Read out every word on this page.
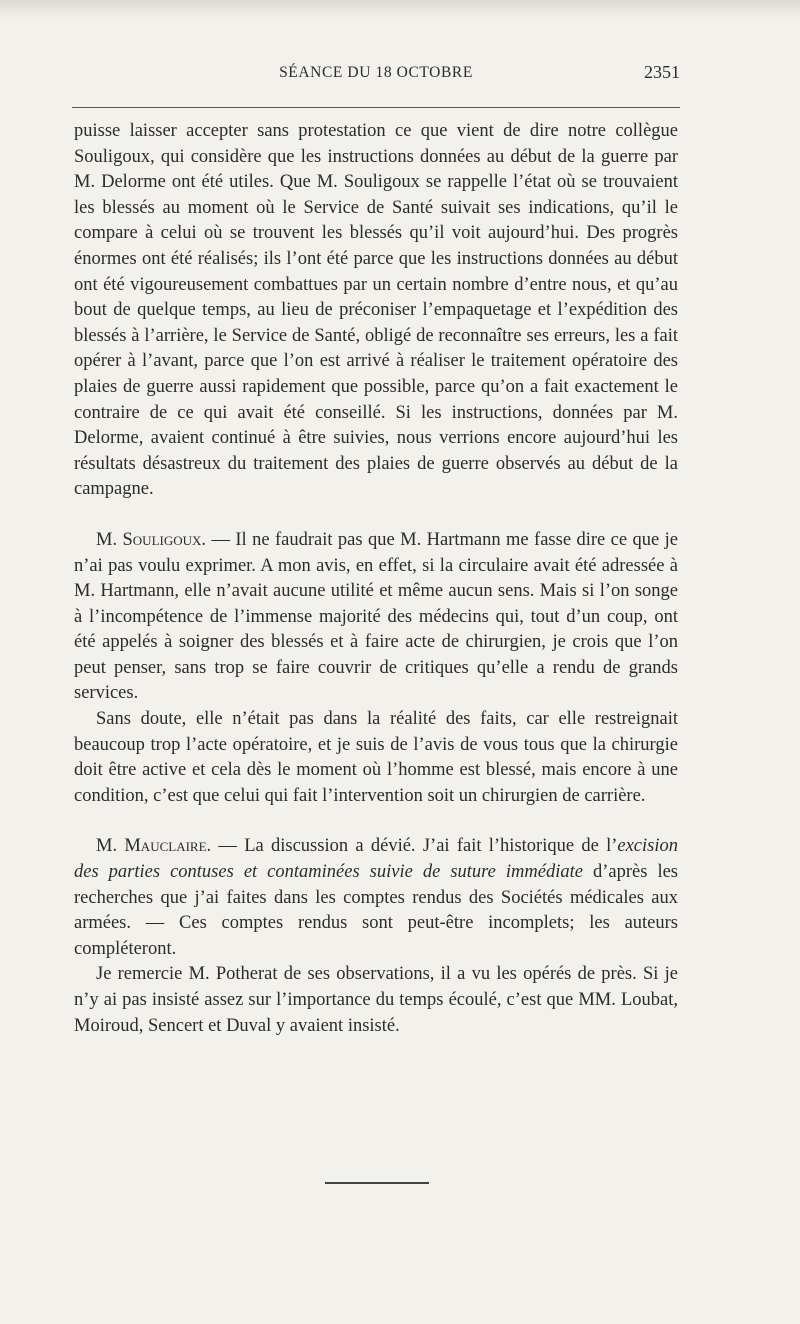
SÉANCE DU 18 OCTOBRE	2351

puisse laisser accepter sans protestation ce que vient de dire notre collègue Souligoux, qui considère que les instructions données au début de la guerre par M. Delorme ont été utiles. Que M. Souligoux se rappelle l’état où se trouvaient les blessés au moment où le Service de Santé suivait ses indications, qu’il le compare à celui où se trouvent les blessés qu’il voit aujourd’hui. Des progrès énormes ont été réalisés; ils l’ont été parce que les instructions données au début ont été vigoureusement combattues par un certain nombre d’entre nous, et qu’au bout de quelque temps, au lieu de préconiser l’empaquetage et l’expédition des blessés à l’arrière, le Service de Santé, obligé de reconnaître ses erreurs, les a fait opérer à l’avant, parce que l’on est arrivé à réaliser le traitement opératoire des plaies de guerre aussi rapidement que possible, parce qu’on a fait exactement le contraire de ce qui avait été conseillé. Si les instructions, données par M. Delorme, avaient continué à être suivies, nous verrions encore aujourd’hui les résultats désastreux du traitement des plaies de guerre observés au début de la campagne.

M. Souligoux. — Il ne faudrait pas que M. Hartmann me fasse dire ce que je n’ai pas voulu exprimer. A mon avis, en effet, si la circulaire avait été adressée à M. Hartmann, elle n’avait aucune utilité et même aucun sens. Mais si l’on songe à l’incompétence de l’immense majorité des médecins qui, tout d’un coup, ont été appelés à soigner des blessés et à faire acte de chirurgien, je crois que l’on peut penser, sans trop se faire couvrir de critiques qu’elle a rendu de grands services.

Sans doute, elle n’était pas dans la réalité des faits, car elle restreignait beaucoup trop l’acte opératoire, et je suis de l’avis de vous tous que la chirurgie doit être active et cela dès le moment où l’homme est blessé, mais encore à une condition, c’est que celui qui fait l’intervention soit un chirurgien de carrière.

M. Mauclaire. — La discussion a dévié. J’ai fait l’historique de l’excision des parties contuses et contaminées suivie de suture immédiate d’après les recherches que j’ai faites dans les comptes rendus des Sociétés médicales aux armées. — Ces comptes rendus sont peut-être incomplets; les auteurs compléteront.

Je remercie M. Potherat de ses observations, il a vu les opérés de près. Si je n’y ai pas insisté assez sur l’importance du temps écoulé, c’est que MM. Loubat, Moiroud, Sencert et Duval y avaient insisté.
